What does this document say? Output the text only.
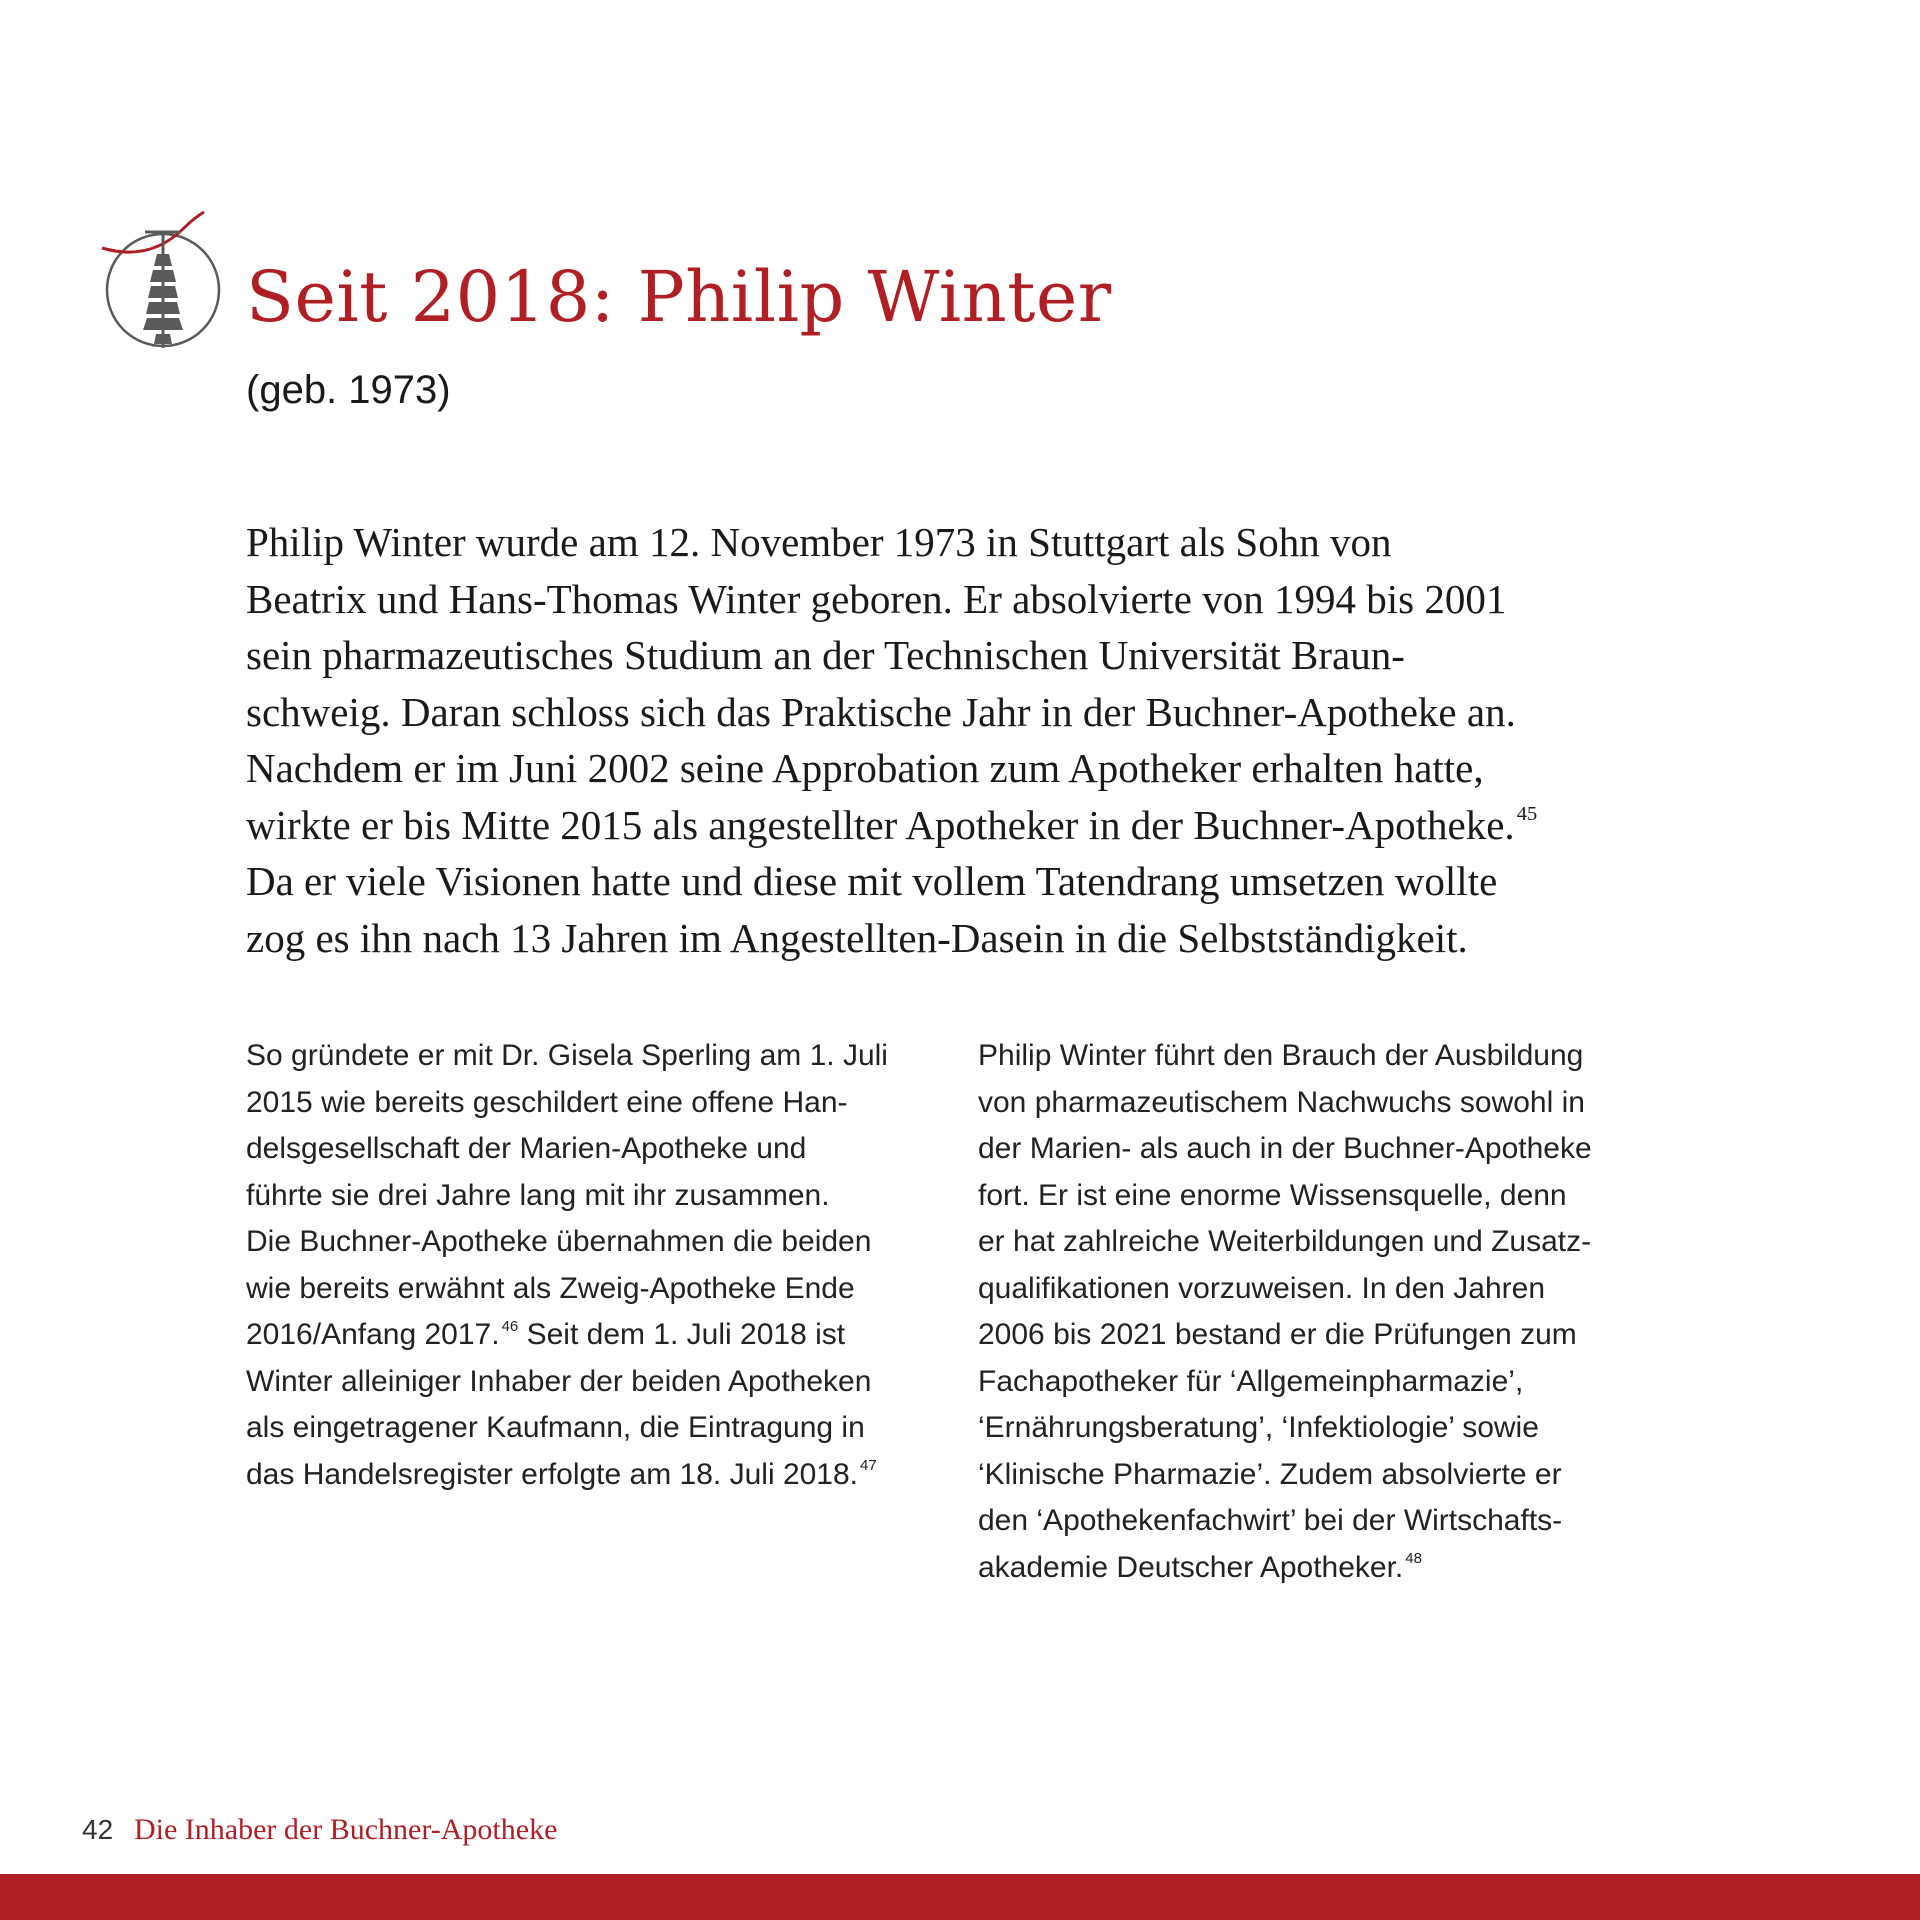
Seit 2018: Philip Winter
(geb. 1973)

Philip Winter wurde am 12. November 1973 in Stuttgart als Sohn von
Beatrix und Hans-Thomas Winter geboren. Er absolvierte von 1994 bis 2001
sein pharmazeutisches Studium an der Technischen Universität Braun-
schweig. Daran schloss sich das Praktische Jahr in der Buchner-Apotheke an.
Nachdem er im Juni 2002 seine Approbation zum Apotheker erhalten hatte,
wirkte er bis Mitte 2015 als angestellter Apotheker in der Buchner-Apotheke.$^{45}$
Da er viele Visionen hatte und diese mit vollem Tatendrang umsetzen wollte
zog es ihn nach 13 Jahren im Angestellten-Dasein in die Selbstständigkeit.

So gründete er mit Dr. Gisela Sperling am 1. Juli
2015 wie bereits geschildert eine offene Han-
delsgesellschaft der Marien-Apotheke und
führte sie drei Jahre lang mit ihr zusammen.
Die Buchner-Apotheke übernahmen die beiden
wie bereits erwähnt als Zweig-Apotheke Ende
2016/Anfang 2017. $^{46}$ Seit dem 1. Juli 2018 ist
Winter alleiniger Inhaber der beiden Apotheken
als eingetragener Kaufmann, die Eintragung in
das Handelsregister erfolgte am 18. Juli 2018. $^{47}$

Philip Winter führt den Brauch der Ausbildung
von pharmazeutischem Nachwuchs sowohl in
der Marien- als auch in der Buchner-Apotheke
fort. Er ist eine enorme Wissensquelle, denn
er hat zahlreiche Weiterbildungen und Zusatz-
qualifikationen vorzuweisen. In den Jahren
2006 bis 2021 bestand er die Prüfungen zum
Fachapotheker für ‘Allgemeinpharmazie’,
‘Ernährungsberatung’, ‘Infektiologie’ sowie
‘Klinische Pharmazie’. Zudem absolvierte er
den ‘Apothekenfachwirt’ bei der Wirtschafts-
akademie Deutscher Apotheker. $^{48}$

42 Die Inhaber der Buchner-Apotheke
